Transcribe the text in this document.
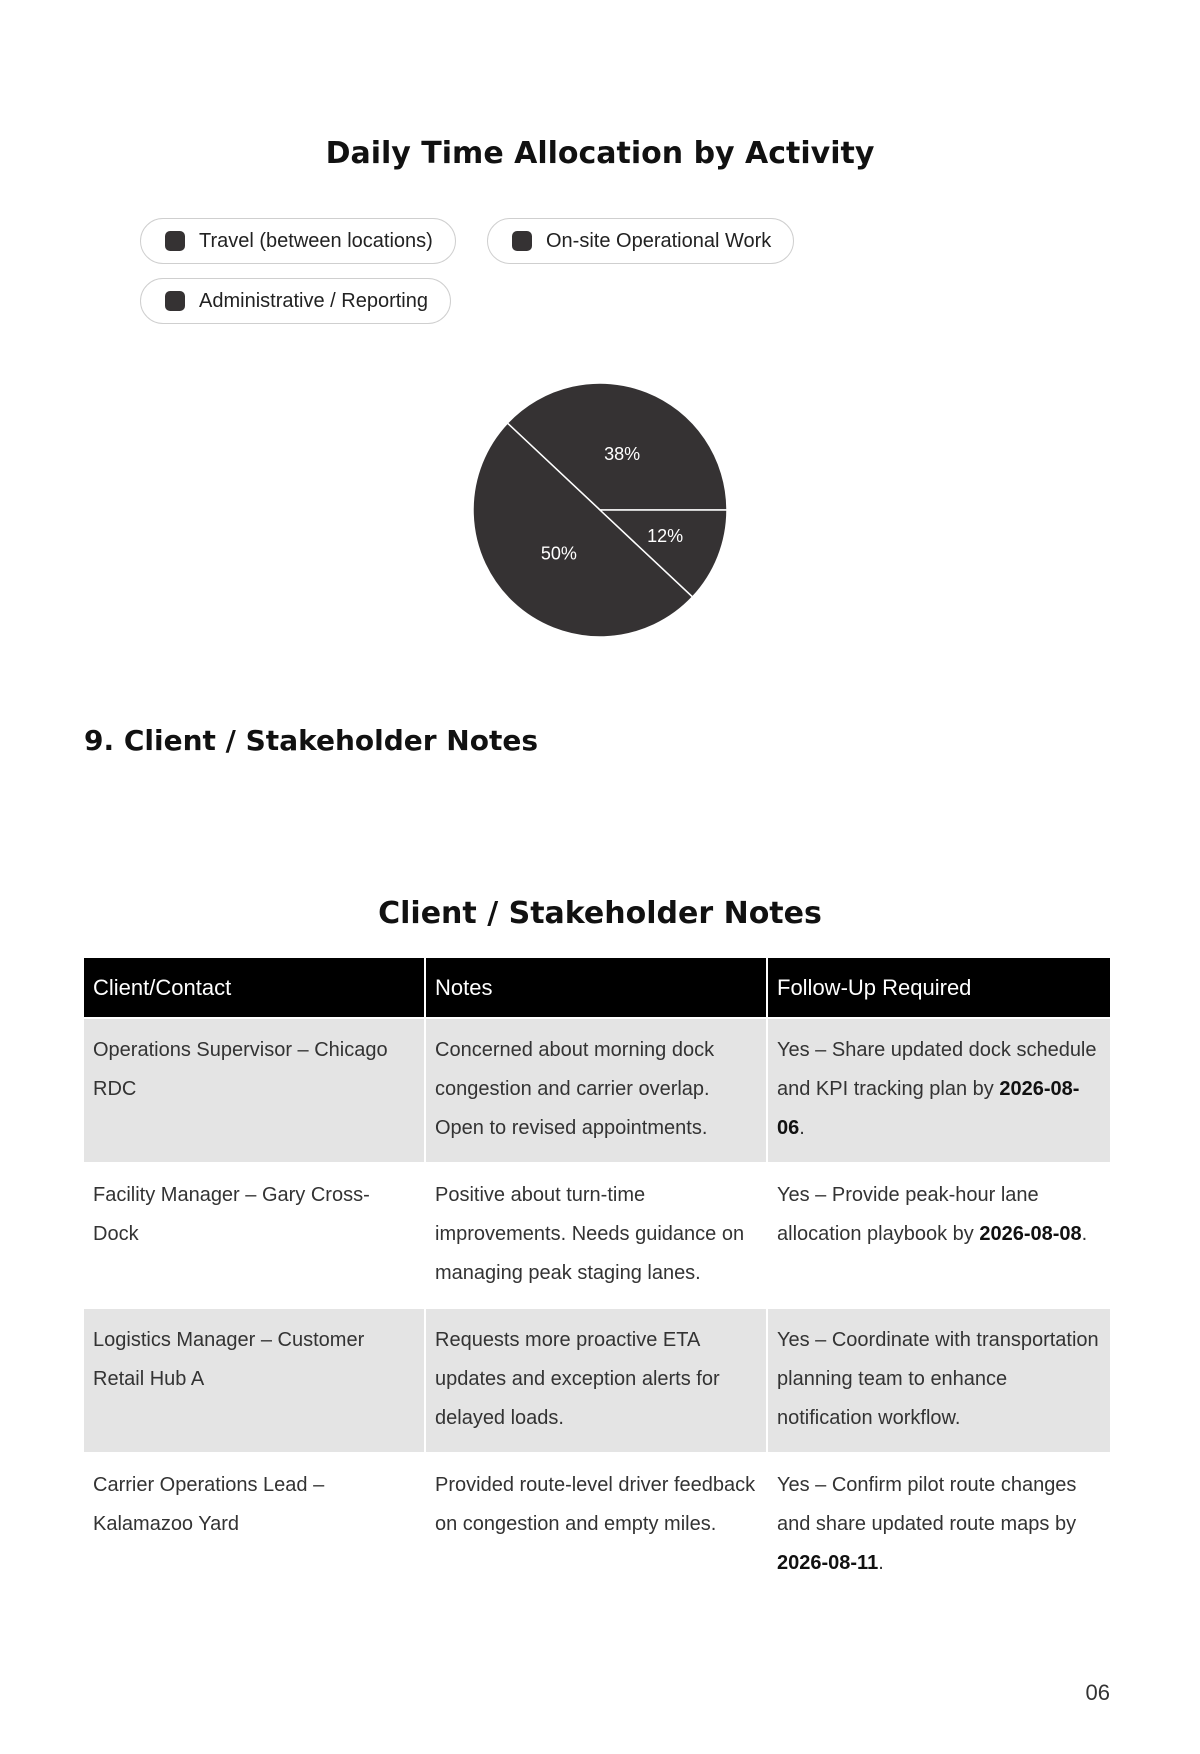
Daily Time Allocation by Activity
Travel (between locations)	On-site Operational Work
Administrative / Reporting
38%
50%
12%
9. Client / Stakeholder Notes
Client / Stakeholder Notes
Client/Contact	Notes	Follow-Up Required
Operations Supervisor – Chicago RDC	Concerned about morning dock congestion and carrier overlap. Open to revised appointments.	Yes – Share updated dock schedule and KPI tracking plan by 2026-08-06.
Facility Manager – Gary Cross-Dock	Positive about turn-time improvements. Needs guidance on managing peak staging lanes.	Yes – Provide peak-hour lane allocation playbook by 2026-08-08.
Logistics Manager – Customer Retail Hub A	Requests more proactive ETA updates and exception alerts for delayed loads.	Yes – Coordinate with transportation planning team to enhance notification workflow.
Carrier Operations Lead – Kalamazoo Yard	Provided route-level driver feedback on congestion and empty miles.	Yes – Confirm pilot route changes and share updated route maps by 2026-08-11.
06
